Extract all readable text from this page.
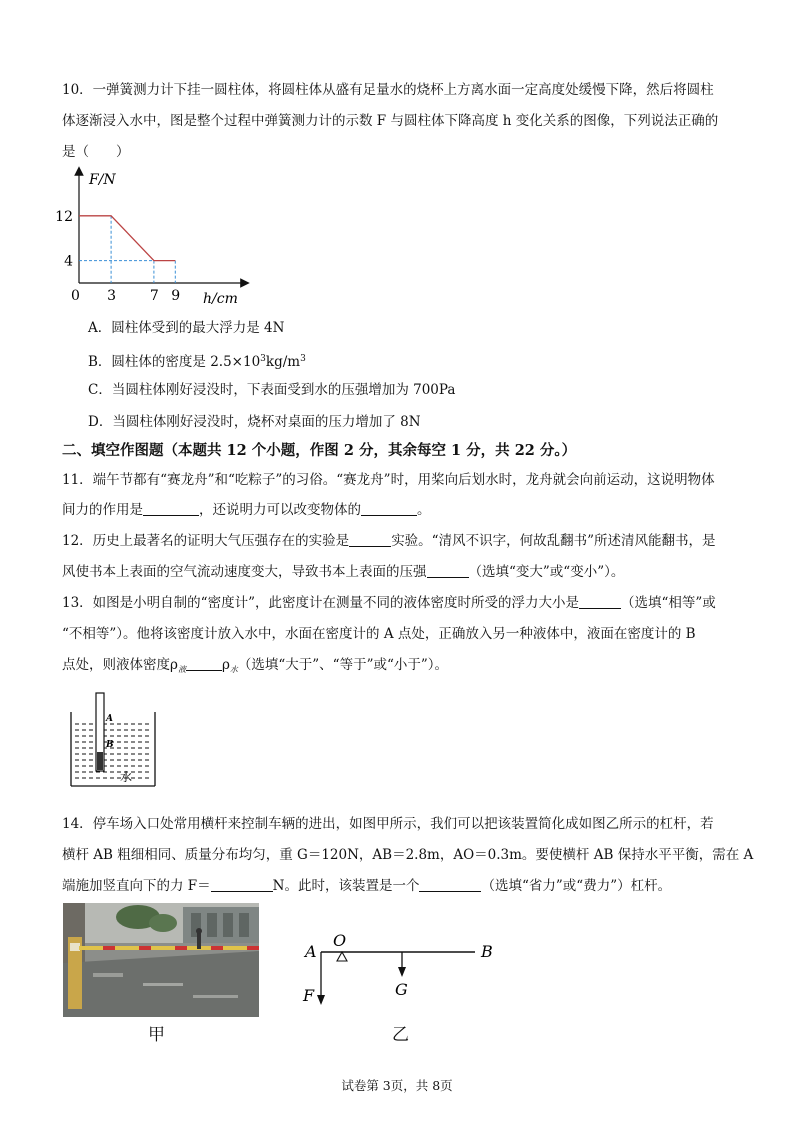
10．一弹簧测力计下挂一圆柱体，将圆柱体从盛有足量水的烧杯上方离水面一定高度处缓慢下降，然后将圆柱
体逐渐浸入水中，图是整个过程中弹簧测力计的示数 F 与圆柱体下降高度 h 变化关系的图像，下列说法正确的
是（　　）
F/N
h/cm
0 3 7 9
12
4
A．圆柱体受到的最大浮力是 4N
B．圆柱体的密度是 $2.5\times 10^3kg/m^3$
C．当圆柱体刚好浸没时，下表面受到水的压强增加为 700Pa
D．当圆柱体刚好浸没时，烧杯对桌面的压力增加了 8N
二、填空作图题（本题共 12 个小题，作图 2 分，其余每空 1 分，共 22 分。）
11．端午节都有“赛龙舟”和“吃粽子”的习俗。“赛龙舟”时，用桨向后划水时，龙舟就会向前运动，这说明物体
间力的作用是	，还说明力可以改变物体的	。
12．历史上最著名的证明大气压强存在的实验是	实验。“清风不识字，何故乱翻书”所述清风能翻书，是
风使书本上表面的空气流动速度变大，导致书本上表面的压强	（选填“变大”或“变小”）。
13．如图是小明自制的“密度计”，此密度计在测量不同的液体密度时所受的浮力大小是	（选填“相等”或
“不相等”）。他将该密度计放入水中，水面在密度计的 A 点处，正确放入另一种液体中，液面在密度计的 B
点处，则液体密度$\rho_液$	$\rho_水$（选填“大于”、“等于”或“小于”）。
A
B
水
14．停车场入口处常用横杆来控制车辆的进出，如图甲所示，我们可以把该装置简化成如图乙所示的杠杆，若
横杆 AB 粗细相同、质量分布均匀，重 G＝120N，AB＝2.8m，AO＝0.3m。要使横杆 AB 保持水平平衡，需在 A
端施加竖直向下的力 F＝	N。此时，该装置是一个	（选填“省力”或“费力”）杠杆。
甲
A
O
B
F	G
乙
试卷第 3页，共 8页
